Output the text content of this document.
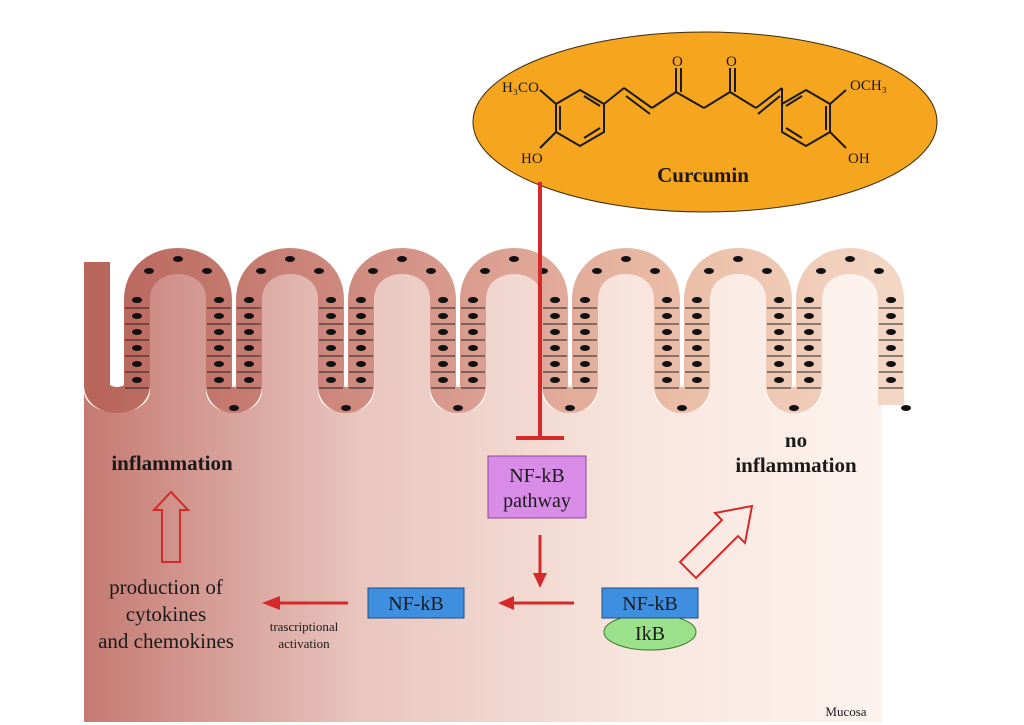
H₃CO	OCH₃
HO	OH
O	O
Curcumin
NF-kB
pathway
IkB
NF-kB
NF-kB
trascriptional
activation
production of
cytokines
and chemokines
inflammation
no
inflammation
Mucosa
